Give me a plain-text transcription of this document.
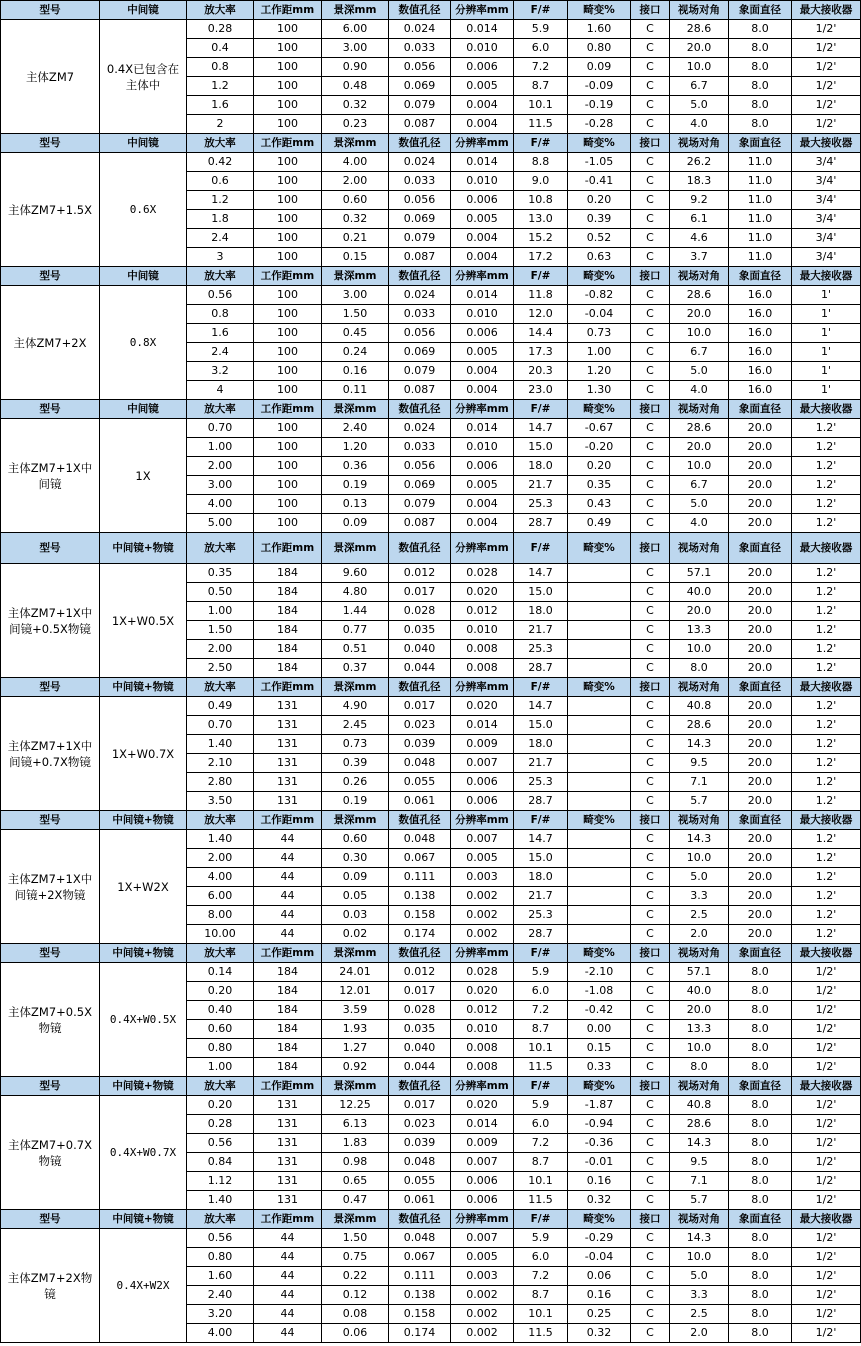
型号	中间镜	放大率	工作距mm	景深mm	数值孔径	分辨率mm	F/#	畸变%	接口	视场对角	象面直径	最大接收器
主体ZM7	0.4X已包含在主体中	0.28	100	6.00	0.024	0.014	5.9	1.60	C	28.6	8.0	1/2'
		0.4	100	3.00	0.033	0.010	6.0	0.80	C	20.0	8.0	1/2'
		0.8	100	0.90	0.056	0.006	7.2	0.09	C	10.0	8.0	1/2'
		1.2	100	0.48	0.069	0.005	8.7	-0.09	C	6.7	8.0	1/2'
		1.6	100	0.32	0.079	0.004	10.1	-0.19	C	5.0	8.0	1/2'
		2	100	0.23	0.087	0.004	11.5	-0.28	C	4.0	8.0	1/2'
型号	中间镜	放大率	工作距mm	景深mm	数值孔径	分辨率mm	F/#	畸变%	接口	视场对角	象面直径	最大接收器
主体ZM7+1.5X	0.6X	0.42	100	4.00	0.024	0.014	8.8	-1.05	C	26.2	11.0	3/4'
		0.6	100	2.00	0.033	0.010	9.0	-0.41	C	18.3	11.0	3/4'
		1.2	100	0.60	0.056	0.006	10.8	0.20	C	9.2	11.0	3/4'
		1.8	100	0.32	0.069	0.005	13.0	0.39	C	6.1	11.0	3/4'
		2.4	100	0.21	0.079	0.004	15.2	0.52	C	4.6	11.0	3/4'
		3	100	0.15	0.087	0.004	17.2	0.63	C	3.7	11.0	3/4'
型号	中间镜	放大率	工作距mm	景深mm	数值孔径	分辨率mm	F/#	畸变%	接口	视场对角	象面直径	最大接收器
主体ZM7+2X	0.8X	0.56	100	3.00	0.024	0.014	11.8	-0.82	C	28.6	16.0	1'
		0.8	100	1.50	0.033	0.010	12.0	-0.04	C	20.0	16.0	1'
		1.6	100	0.45	0.056	0.006	14.4	0.73	C	10.0	16.0	1'
		2.4	100	0.24	0.069	0.005	17.3	1.00	C	6.7	16.0	1'
		3.2	100	0.16	0.079	0.004	20.3	1.20	C	5.0	16.0	1'
		4	100	0.11	0.087	0.004	23.0	1.30	C	4.0	16.0	1'
型号	中间镜	放大率	工作距mm	景深mm	数值孔径	分辨率mm	F/#	畸变%	接口	视场对角	象面直径	最大接收器
主体ZM7+1X中间镜	1X	0.70	100	2.40	0.024	0.014	14.7	-0.67	C	28.6	20.0	1.2'
		1.00	100	1.20	0.033	0.010	15.0	-0.20	C	20.0	20.0	1.2'
		2.00	100	0.36	0.056	0.006	18.0	0.20	C	10.0	20.0	1.2'
		3.00	100	0.19	0.069	0.005	21.7	0.35	C	6.7	20.0	1.2'
		4.00	100	0.13	0.079	0.004	25.3	0.43	C	5.0	20.0	1.2'
		5.00	100	0.09	0.087	0.004	28.7	0.49	C	4.0	20.0	1.2'
型号	中间镜+物镜	放大率	工作距mm	景深mm	数值孔径	分辨率mm	F/#	畸变%	接口	视场对角	象面直径	最大接收器
主体ZM7+1X中间镜+0.5X物镜	1X+W0.5X	0.35	184	9.60	0.012	0.028	14.7		C	57.1	20.0	1.2'
		0.50	184	4.80	0.017	0.020	15.0		C	40.0	20.0	1.2'
		1.00	184	1.44	0.028	0.012	18.0		C	20.0	20.0	1.2'
		1.50	184	0.77	0.035	0.010	21.7		C	13.3	20.0	1.2'
		2.00	184	0.51	0.040	0.008	25.3		C	10.0	20.0	1.2'
		2.50	184	0.37	0.044	0.008	28.7		C	8.0	20.0	1.2'
型号	中间镜+物镜	放大率	工作距mm	景深mm	数值孔径	分辨率mm	F/#	畸变%	接口	视场对角	象面直径	最大接收器
主体ZM7+1X中间镜+0.7X物镜	1X+W0.7X	0.49	131	4.90	0.017	0.020	14.7		C	40.8	20.0	1.2'
		0.70	131	2.45	0.023	0.014	15.0		C	28.6	20.0	1.2'
		1.40	131	0.73	0.039	0.009	18.0		C	14.3	20.0	1.2'
		2.10	131	0.39	0.048	0.007	21.7		C	9.5	20.0	1.2'
		2.80	131	0.26	0.055	0.006	25.3		C	7.1	20.0	1.2'
		3.50	131	0.19	0.061	0.006	28.7		C	5.7	20.0	1.2'
型号	中间镜+物镜	放大率	工作距mm	景深mm	数值孔径	分辨率mm	F/#	畸变%	接口	视场对角	象面直径	最大接收器
主体ZM7+1X中间镜+2X物镜	1X+W2X	1.40	44	0.60	0.048	0.007	14.7		C	14.3	20.0	1.2'
		2.00	44	0.30	0.067	0.005	15.0		C	10.0	20.0	1.2'
		4.00	44	0.09	0.111	0.003	18.0		C	5.0	20.0	1.2'
		6.00	44	0.05	0.138	0.002	21.7		C	3.3	20.0	1.2'
		8.00	44	0.03	0.158	0.002	25.3		C	2.5	20.0	1.2'
		10.00	44	0.02	0.174	0.002	28.7		C	2.0	20.0	1.2'
型号	中间镜+物镜	放大率	工作距mm	景深mm	数值孔径	分辨率mm	F/#	畸变%	接口	视场对角	象面直径	最大接收器
主体ZM7+0.5X物镜	0.4X+W0.5X	0.14	184	24.01	0.012	0.028	5.9	-2.10	C	57.1	8.0	1/2'
		0.20	184	12.01	0.017	0.020	6.0	-1.08	C	40.0	8.0	1/2'
		0.40	184	3.59	0.028	0.012	7.2	-0.42	C	20.0	8.0	1/2'
		0.60	184	1.93	0.035	0.010	8.7	0.00	C	13.3	8.0	1/2'
		0.80	184	1.27	0.040	0.008	10.1	0.15	C	10.0	8.0	1/2'
		1.00	184	0.92	0.044	0.008	11.5	0.33	C	8.0	8.0	1/2'
型号	中间镜+物镜	放大率	工作距mm	景深mm	数值孔径	分辨率mm	F/#	畸变%	接口	视场对角	象面直径	最大接收器
主体ZM7+0.7X物镜	0.4X+W0.7X	0.20	131	12.25	0.017	0.020	5.9	-1.87	C	40.8	8.0	1/2'
		0.28	131	6.13	0.023	0.014	6.0	-0.94	C	28.6	8.0	1/2'
		0.56	131	1.83	0.039	0.009	7.2	-0.36	C	14.3	8.0	1/2'
		0.84	131	0.98	0.048	0.007	8.7	-0.01	C	9.5	8.0	1/2'
		1.12	131	0.65	0.055	0.006	10.1	0.16	C	7.1	8.0	1/2'
		1.40	131	0.47	0.061	0.006	11.5	0.32	C	5.7	8.0	1/2'
型号	中间镜+物镜	放大率	工作距mm	景深mm	数值孔径	分辨率mm	F/#	畸变%	接口	视场对角	象面直径	最大接收器
主体ZM7+2X物镜	0.4X+W2X	0.56	44	1.50	0.048	0.007	5.9	-0.29	C	14.3	8.0	1/2'
		0.80	44	0.75	0.067	0.005	6.0	-0.04	C	10.0	8.0	1/2'
		1.60	44	0.22	0.111	0.003	7.2	0.06	C	5.0	8.0	1/2'
		2.40	44	0.12	0.138	0.002	8.7	0.16	C	3.3	8.0	1/2'
		3.20	44	0.08	0.158	0.002	10.1	0.25	C	2.5	8.0	1/2'
		4.00	44	0.06	0.174	0.002	11.5	0.32	C	2.0	8.0	1/2'
